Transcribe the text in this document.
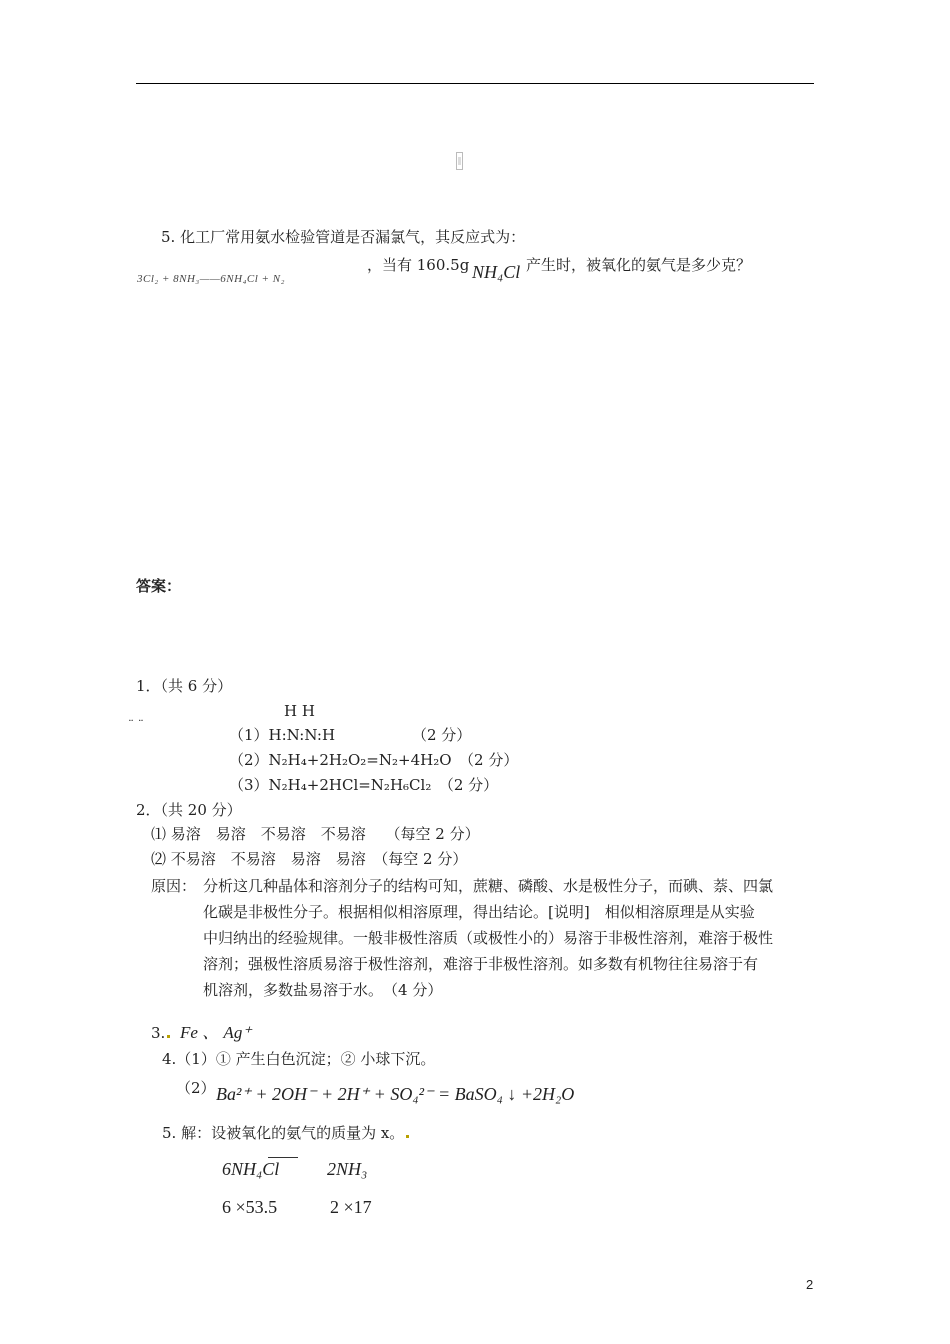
5. 化工厂常用氨水检验管道是否漏氯气，其反应式为：
3Cl₂ + 8NH₃——6NH₄Cl + N₂
，当有 160.5g NH₄Cl 产生时，被氧化的氨气是多少克？
答案：
1．（共 6 分）
H H
¨ ¨
（1）H:N:N:H	（2 分）
（2）N₂H₄+2H₂O₂=N₂+4H₂O　（2 分）
（3）N₂H₄+2HCl=N₂H₆Cl₂　（2 分）
2．（共 20 分）
⑴ 易溶　易溶　不易溶　不易溶　 （每空 2 分）
⑵ 不易溶　不易溶　易溶　易溶　（每空 2 分）
原因： 分析这几种晶体和溶剂分子的结构可知，蔗糖、磷酸、水是极性分子，而碘、萘、四氯
化碳是非极性分子。根据相似相溶原理，得出结论。[说明]　相似相溶原理是从实验
中归纳出的经验规律。一般非极性溶质（或极性小的）易溶于非极性溶剂，难溶于极性
溶剂；强极性溶质易溶于极性溶剂，难溶于非极性溶剂。如多数有机物往往易溶于有
机溶剂，多数盐易溶于水。　（4 分）
3. Fe 、 Ag⁺
4.（1）① 产生白色沉淀；② 小球下沉。
（2） Ba²⁺ + 2OH⁻ + 2H⁺ + SO₄²⁻ = BaSO₄ ↓ +2H₂O
5. 解：设被氧化的氨气的质量为 x。
6NH₄Cl	2NH₃
6 ×53.5	2 ×17
2
